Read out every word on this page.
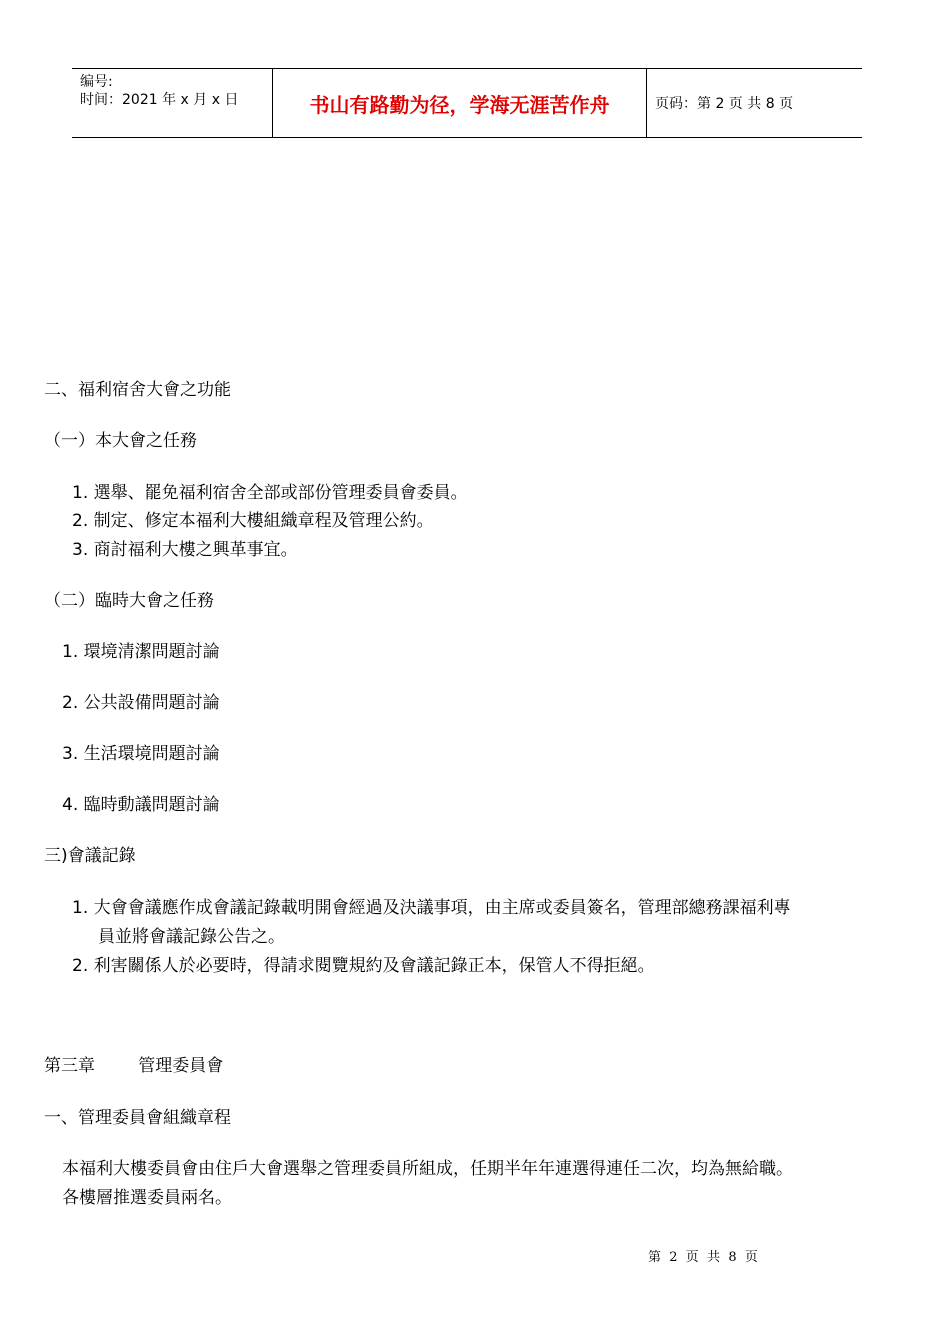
编号:
时间：2021 年 x 月 x 日	书山有路勤为径，学海无涯苦作舟	页码：第 2 页 共 8 页
二、福利宿舍大會之功能
（一）本大會之任務
1. 選舉、罷免福利宿舍全部或部份管理委員會委員。
2. 制定、修定本福利大樓組織章程及管理公約。
3. 商討福利大樓之興革事宜。
（二）臨時大會之任務
1. 環境清潔問題討論
2. 公共設備問題討論
3. 生活環境問題討論
4. 臨時動議問題討論
三)會議記錄
1. 大會會議應作成會議記錄載明開會經過及決議事項，由主席或委員簽名，管理部總務課福利專
員並將會議記錄公告之。
2. 利害關係人於必要時，得請求閱覽規約及會議記錄正本，保管人不得拒絕。
第三章        管理委員會
一、管理委員會組織章程
本福利大樓委員會由住戶大會選舉之管理委員所組成，任期半年年連選得連任二次，均為無給職。
各樓層推選委員兩名。
第  2  页  共  8  页
